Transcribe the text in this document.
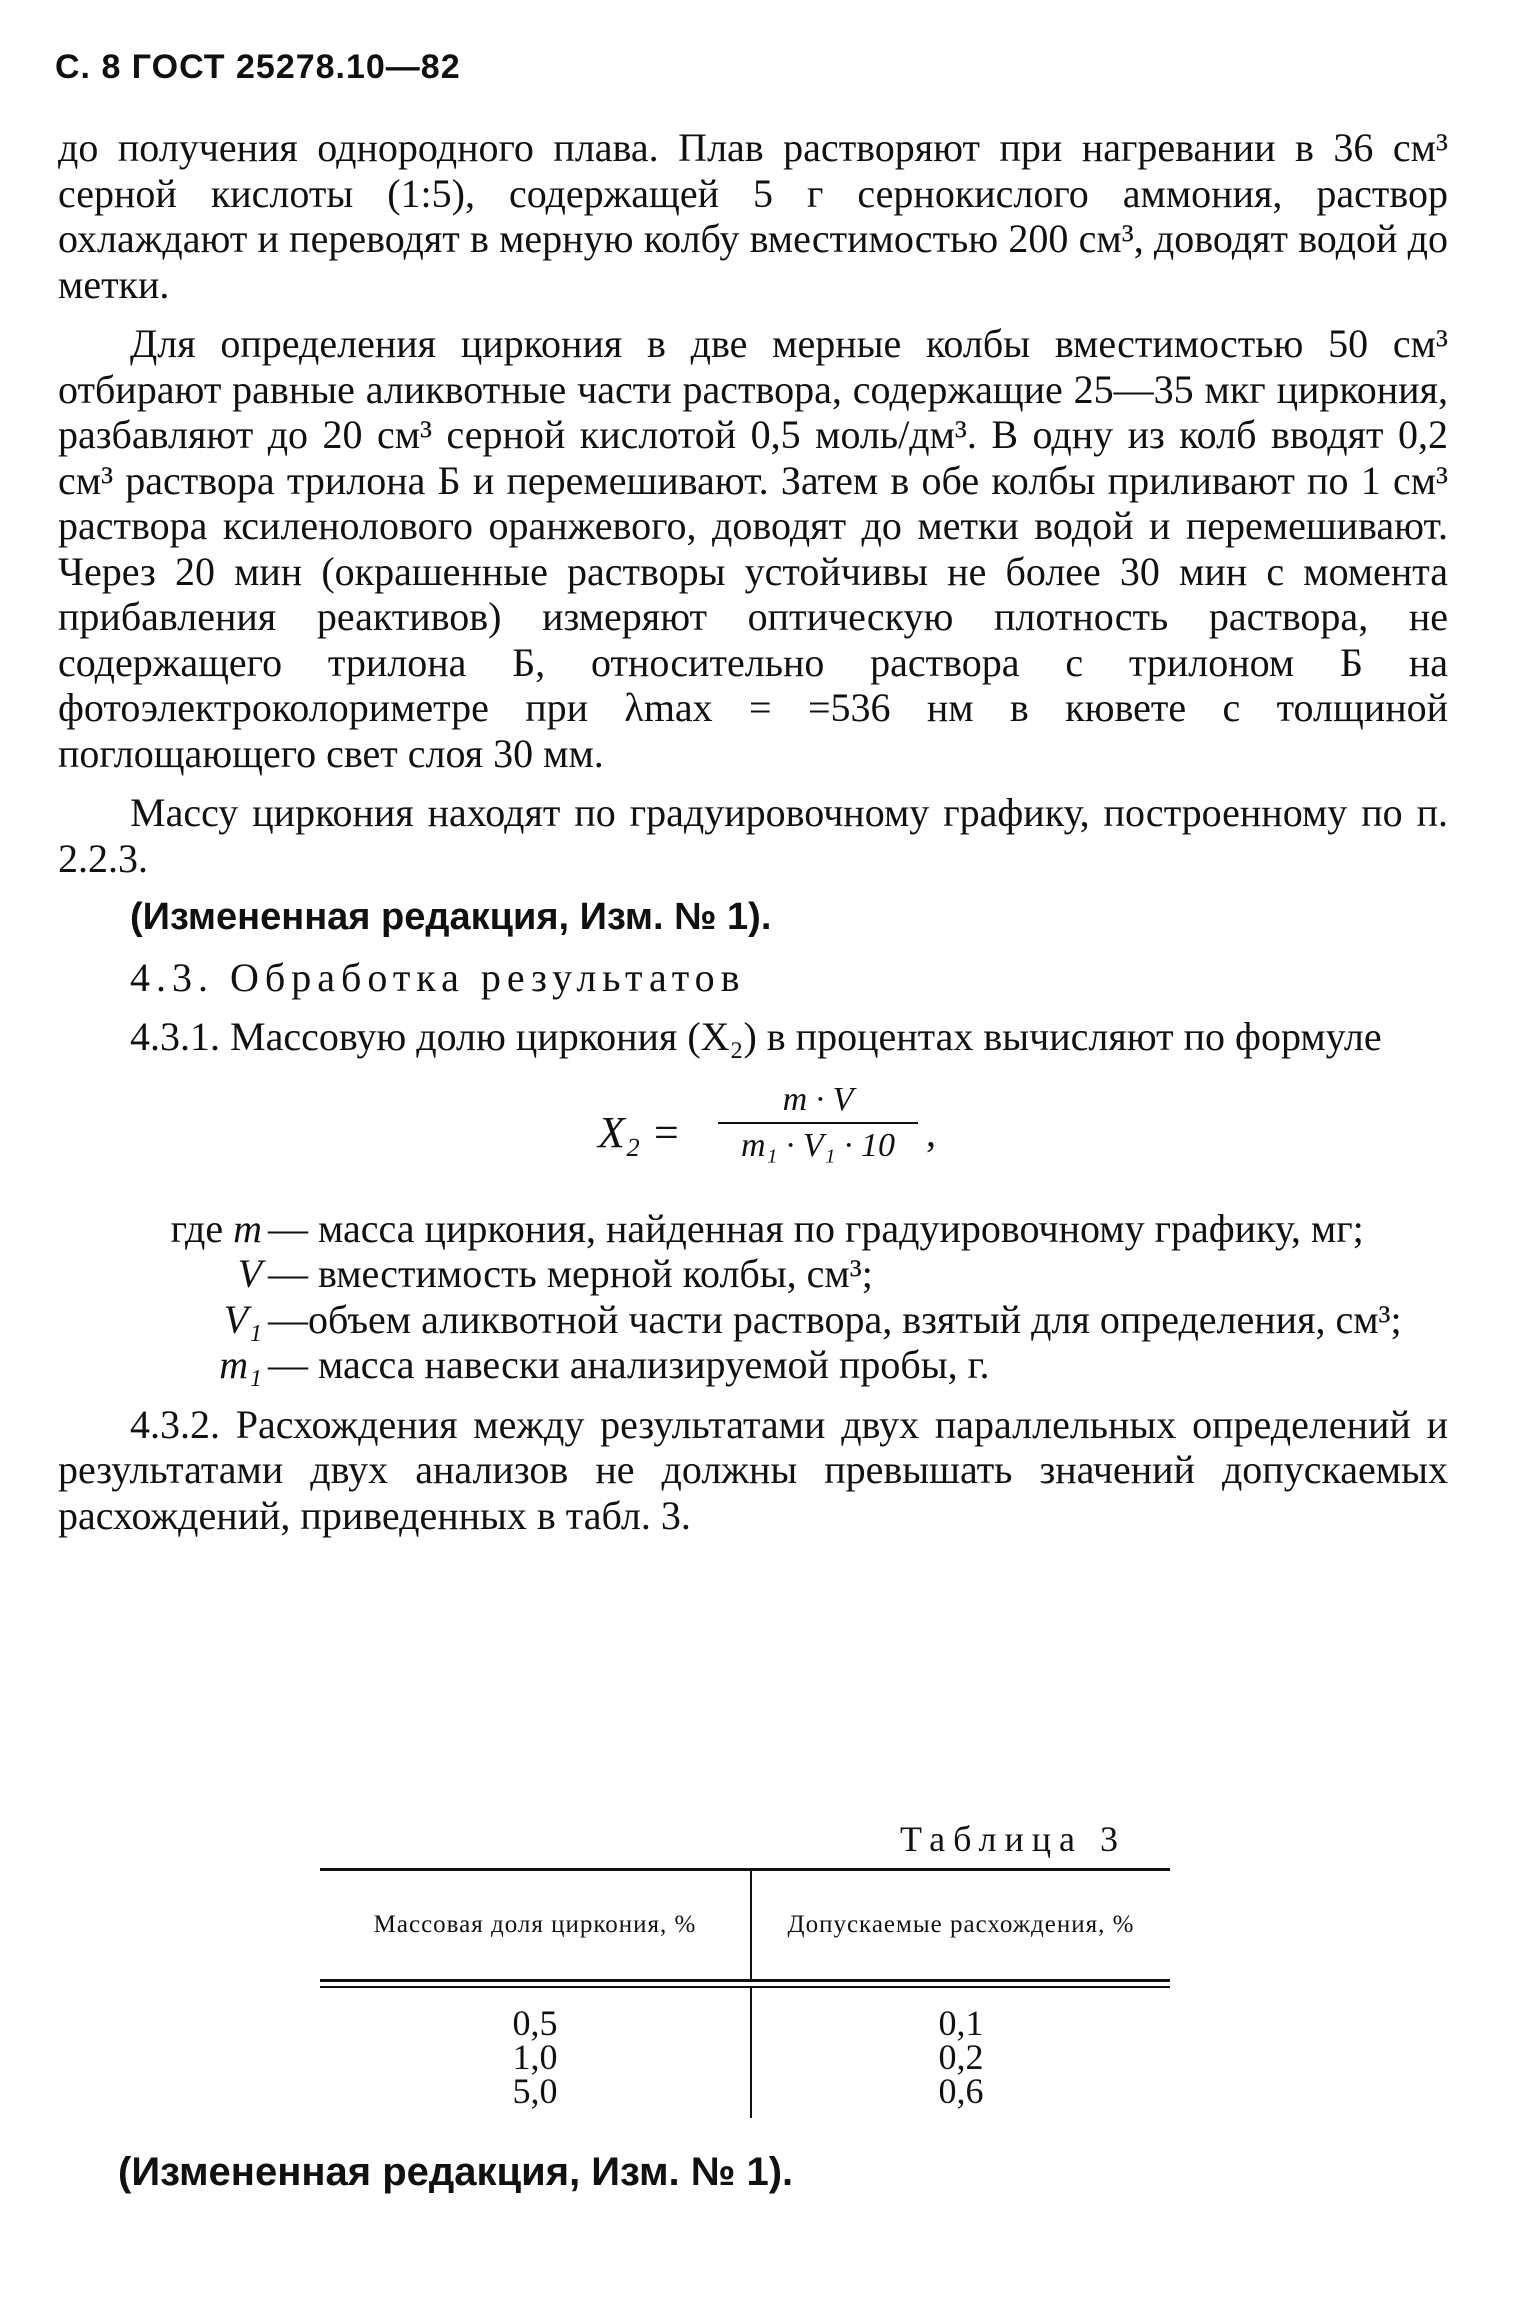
С. 8 ГОСТ 25278.10—82

до получения однородного плава. Плав растворяют при нагревании в 36 см³ серной кислоты (1:5), содержащей 5 г сернокислого аммония, раствор охлаждают и переводят в мерную колбу вместимостью 200 см³, доводят водой до метки.

Для определения циркония в две мерные колбы вместимостью 50 см³ отбирают равные аликвотные части раствора, содержащие 25—35 мкг циркония, разбавляют до 20 см³ серной кислотой 0,5 моль/дм³. В одну из колб вводят 0,2 см³ раствора трилона Б и перемешивают. Затем в обе колбы приливают по 1 см³ раствора ксиленолового оранжевого, доводят до метки водой и перемешивают. Через 20 мин (окрашенные растворы устойчивы не более 30 мин с момента прибавления реактивов) измеряют оптическую плотность раствора, не содержащего трилона Б, относительно раствора с трилоном Б на фотоэлектроколориметре при λmax = =536 нм в кювете с толщиной поглощающего свет слоя 30 мм.

Массу циркония находят по градуировочному графику, построенному по п. 2.2.3.

(Измененная редакция, Изм. № 1).

4.3. Обработка результатов

4.3.1. Массовую долю циркония (X₂) в процентах вычисляют по формуле

X₂ =
m · V
m₁ · V₁ · 10 ,
где m — масса циркония, найденная по градуировочному графику, мг;
V — вместимость мерной колбы, см³;
V₁ —объем аликвотной части раствора, взятый для определения, см³;
m₁ — масса навески анализируемой пробы, г.

4.3.2. Расхождения между результатами двух параллельных определений и результатами двух анализов не должны превышать значений допускаемых расхождений, приведенных в табл. 3.

Таблица 3
Массовая доля циркония, %	Допускаемые расхождения, %
0,5
1,0
5,0
0,1
0,2
0,6
(Измененная редакция, Изм. № 1).
